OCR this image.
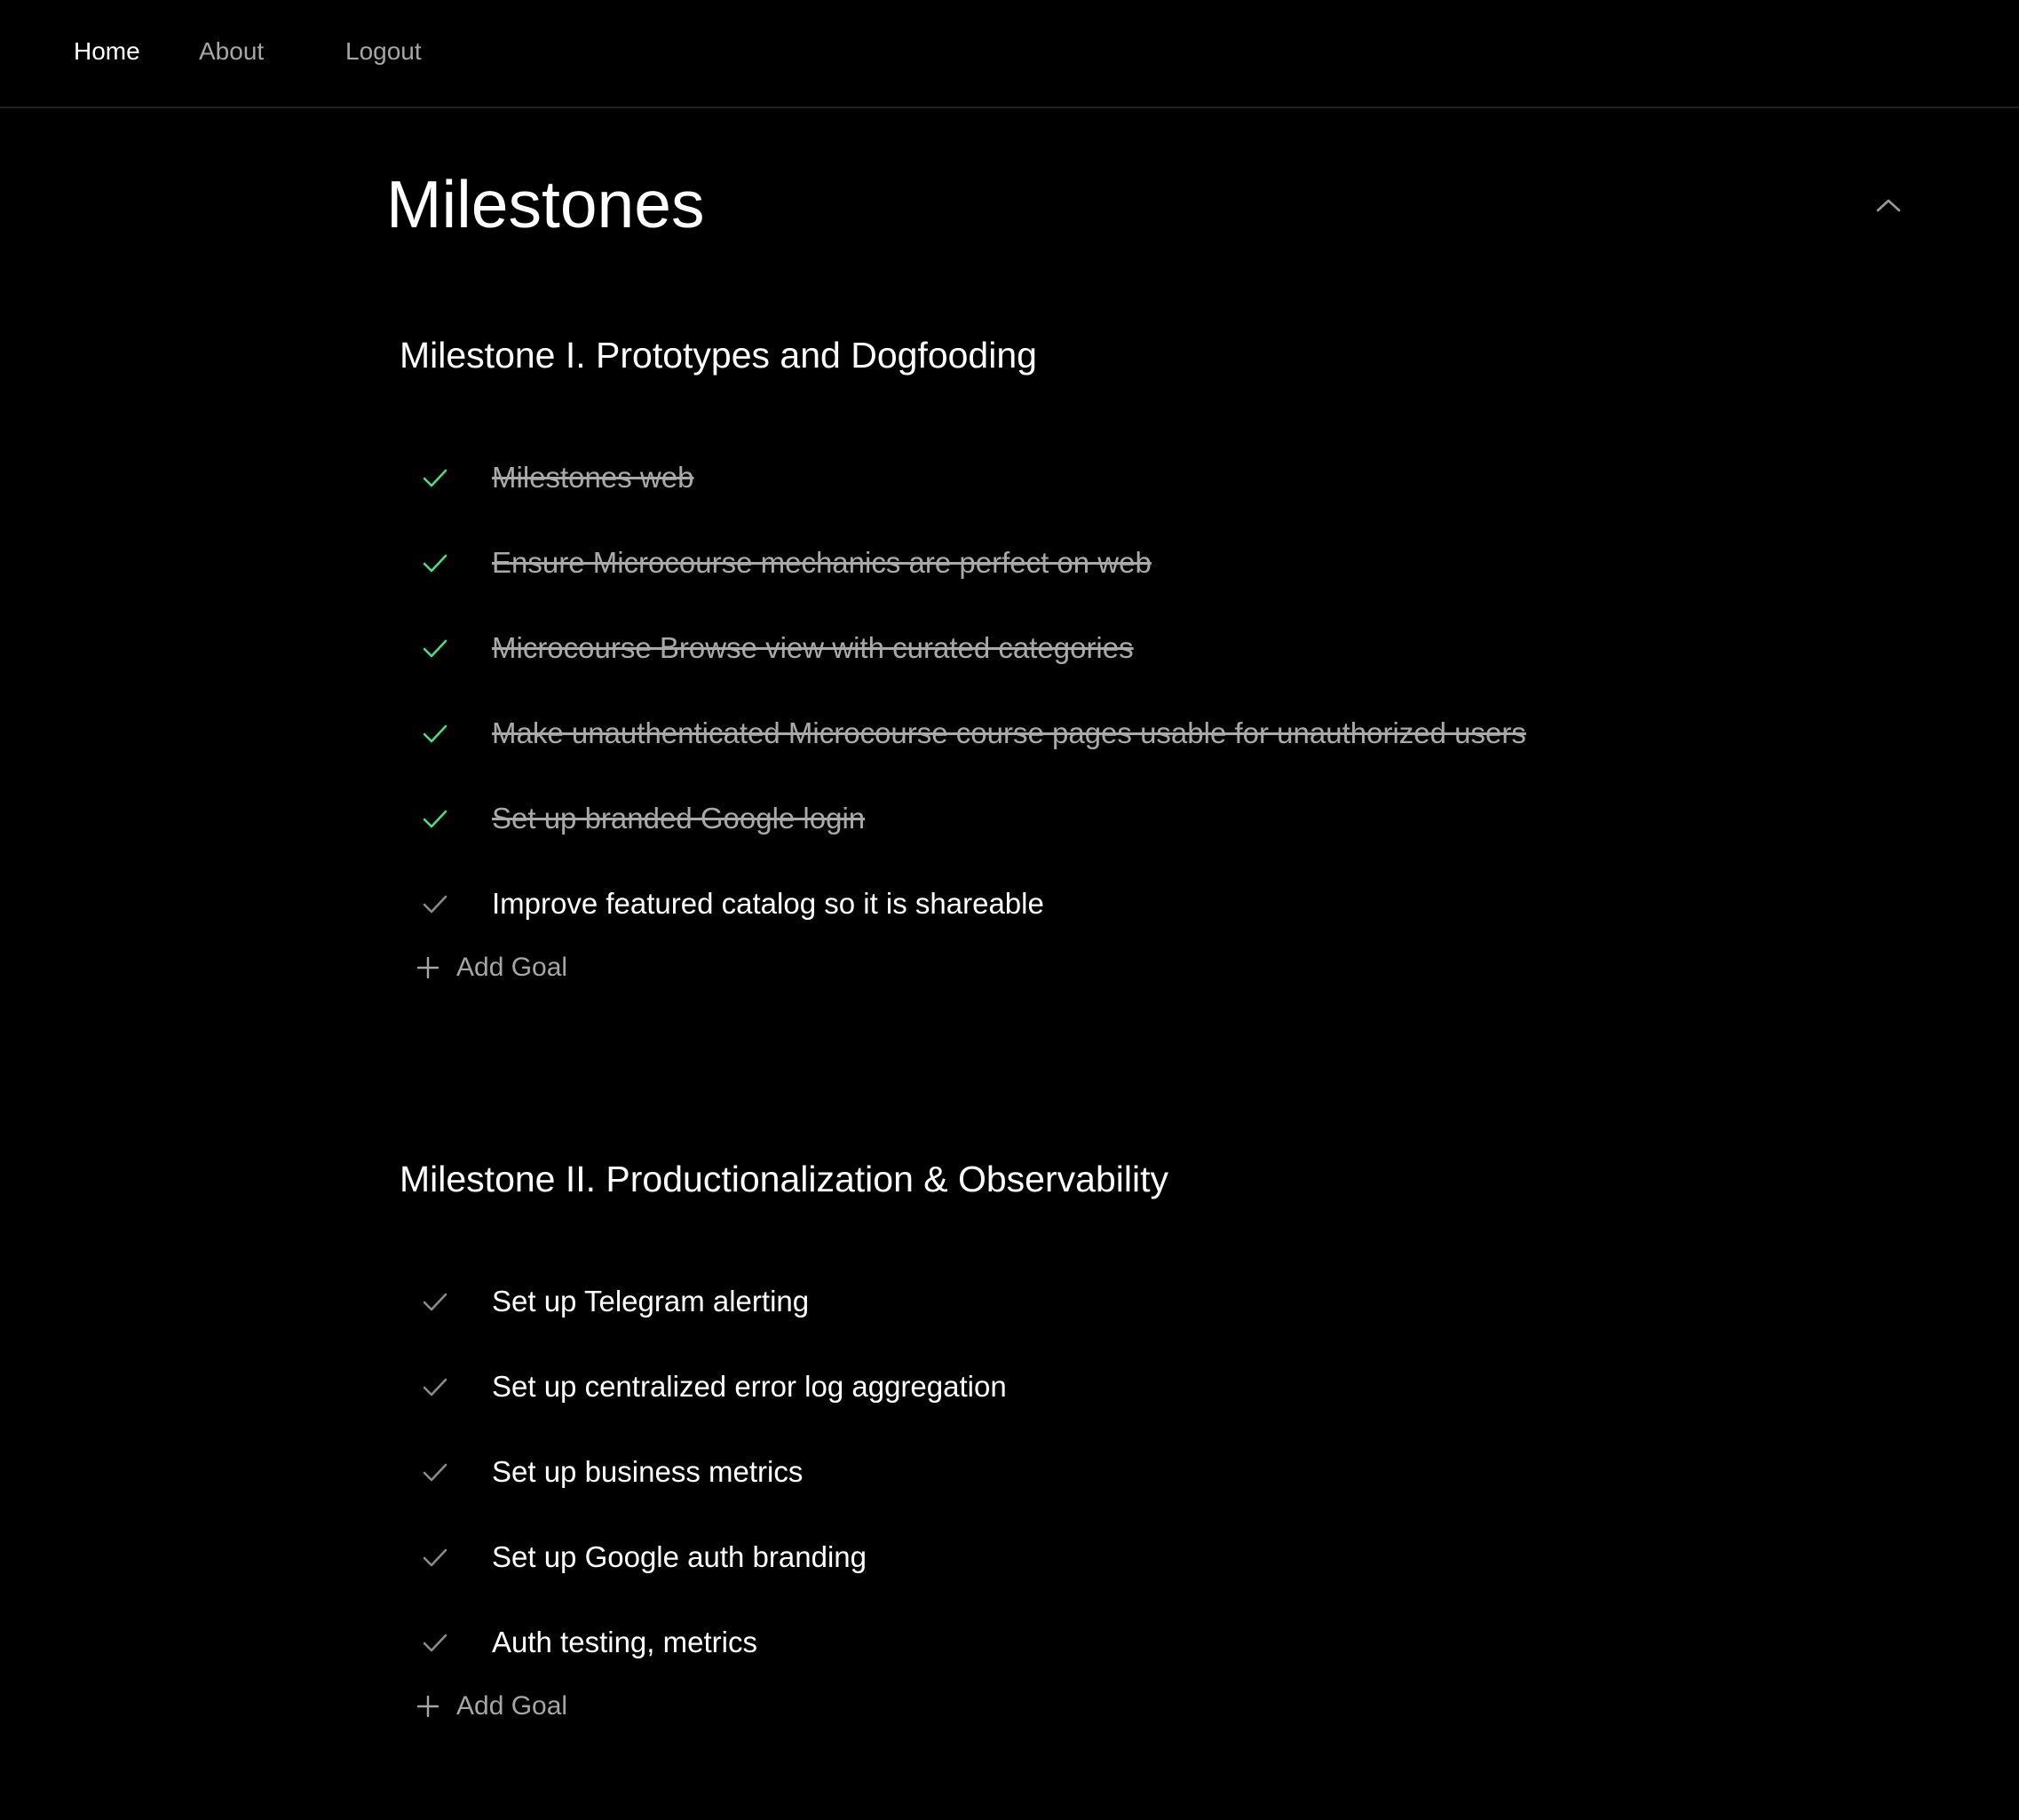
Home About	Logout
Milestones
Milestone I. Prototypes and Dogfooding
Milestones web
Ensure Microcourse mechanics are perfect on web
Microcourse Browse view with curated categories
Make unauthenticated Microcourse course pages usable for unauthorized users
Set up branded Google login
Improve featured catalog so it is shareable
Add Goal
Milestone II. Productionalization & Observability
Set up Telegram alerting
Set up centralized error log aggregation
Set up business metrics
Set up Google auth branding
Auth testing, metrics
Add Goal
